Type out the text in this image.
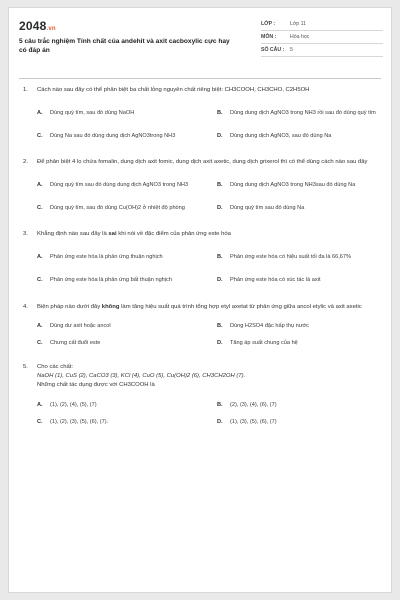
2048.vn
5 câu trắc nghiệm Tính chất của andehit và axit cacboxylic cực hay có đáp án
LỚP :	Lớp 11
MÔN :	Hóa học
SỐ CÂU :	5
1.	Cách nào sau đây có thể phân biệt ba chất lỏng nguyên chất riêng biệt: CH3COOH, CH3CHO, C2H5OH
A.	Dùng quỳ tím, sau đó dùng NaOH	B.	Dùng dung dịch AgNO3 trong NH3 rồi sau đó dùng quỳ tím
C.	Dùng Na sau đó dùng dung dịch AgNO3trong NH3	D.	Dùng dung dịch AgNO3, sau đó dùng Na
2.	Để phân biệt 4 lọ chứa fomalin, dung dịch axit fomic, dung dịch axit axetic, dung dịch grixerol thì có thể dùng cách nào sau đây
A.	Dùng quỳ tím sau đó dùng dung dịch AgNO3 trong NH3	B.	Dùng dung dịch AgNO3 trong NH3sau đó dùng Na
C.	Dùng quỳ tím, sau đó dùng Cu(OH)2 ở nhiệt độ phòng	D.	Dùng quỳ tím sau đó dùng Na
3.	Khẳng định nào sau đây là sai khi nói về đặc điểm của phản ứng este hóa
A.	Phản ứng este hóa là phản ứng thuận nghịch	B.	Phản ứng este hóa có hiệu suất tối đa là 66,67%
C.	Phản ứng este hóa là phản ứng bất thuận nghịch	D.	Phản ứng este hóa có xúc tác là axit
4.	Biện pháp nào dưới đây không làm tăng hiệu suất quá trình tổng hợp etyl axetat từ phản ứng giữa ancol etylic và axit axetic
A.	Dùng dư axit hoặc ancol	B.	Dùng H2SO4 đặc hấp thụ nước
C.	Chưng cất đuổi este	D.	Tăng áp suất chung của hệ
5.	Cho các chất:
NaOH (1), CuS (2), CaCO3 (3), KCl (4), CuO (5), Cu(OH)2 (6), CH3CH2OH (7).
Những chất tác dụng được với CH3COOH là
A.	(1), (2), (4), (5), (7)	B.	(2), (3), (4), (6), (7)
C.	(1), (2), (3), (5), (6), (7).	D.	(1), (3), (5), (6), (7)
